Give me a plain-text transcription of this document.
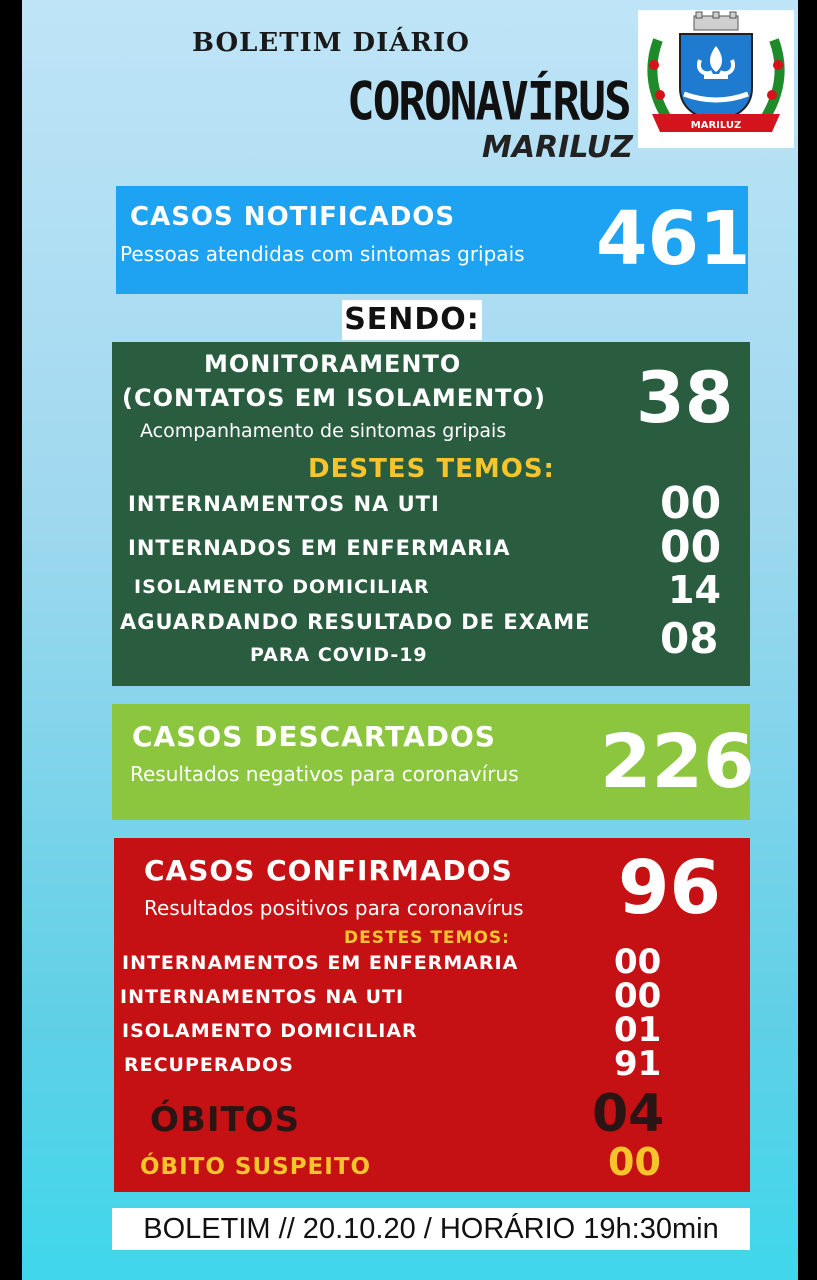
BOLETIM DIÁRIO
CORONAVÍRUS
MARILUZ
MARILUZ
CASOS NOTIFICADOS
Pessoas atendidas com sintomas gripais 461
SENDO:
MONITORAMENTO
(CONTATOS EM ISOLAMENTO)
Acompanhamento de sintomas gripais 38
DESTES TEMOS:
INTERNAMENTOS NA UTI	00
INTERNADOS EM ENFERMARIA	00
ISOLAMENTO DOMICILIAR	14
AGUARDANDO RESULTADO DE EXAME
PARA COVID-19	08
CASOS DESCARTADOS
Resultados negativos para coronavírus 226
CASOS CONFIRMADOS
Resultados positivos para coronavírus 96
DESTES TEMOS:
INTERNAMENTOS EM ENFERMARIA	00
INTERNAMENTOS NA UTI	00
ISOLAMENTO DOMICILIAR	01
RECUPERADOS	91
ÓBITOS	04
ÓBITO SUSPEITO	00
BOLETIM // 20.10.20 / HORÁRIO 19h:30min
